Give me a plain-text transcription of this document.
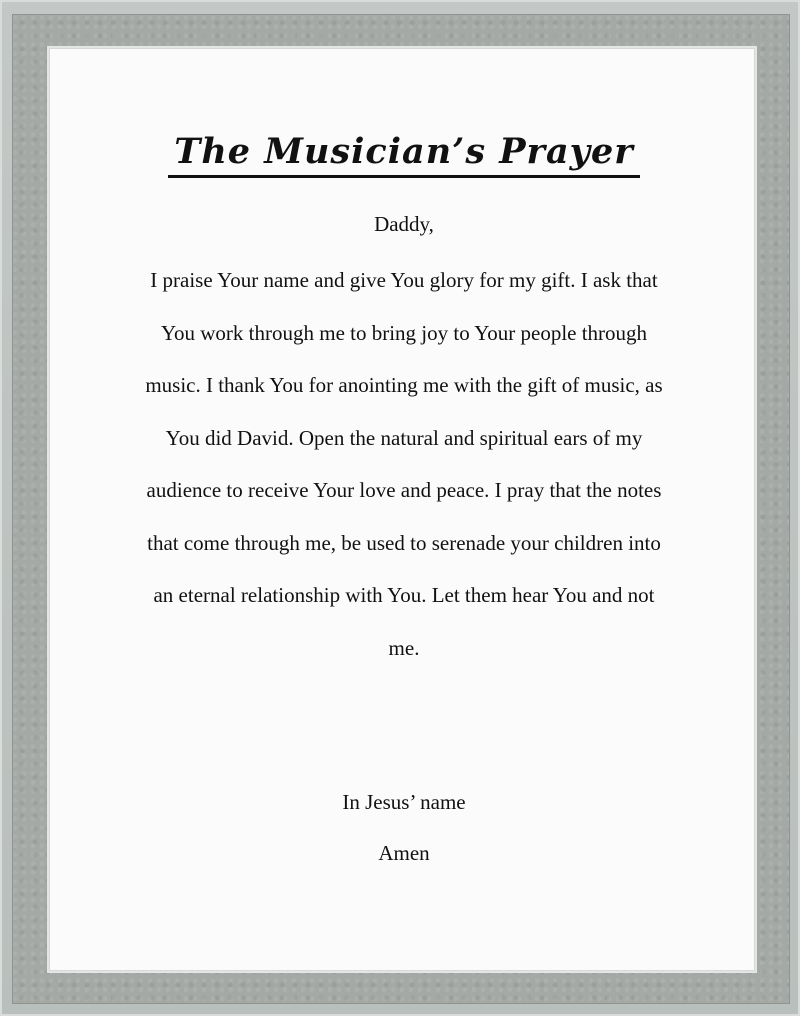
The Musician’s Prayer

Daddy,

I praise Your name and give You glory for my gift. I ask that You work through me to bring joy to Your people through music. I thank You for anointing me with the gift of music, as You did David. Open the natural and spiritual ears of my audience to receive Your love and peace. I pray that the notes that come through me, be used to serenade your children into an eternal relationship with You. Let them hear You and not me.

In Jesus’ name

Amen
